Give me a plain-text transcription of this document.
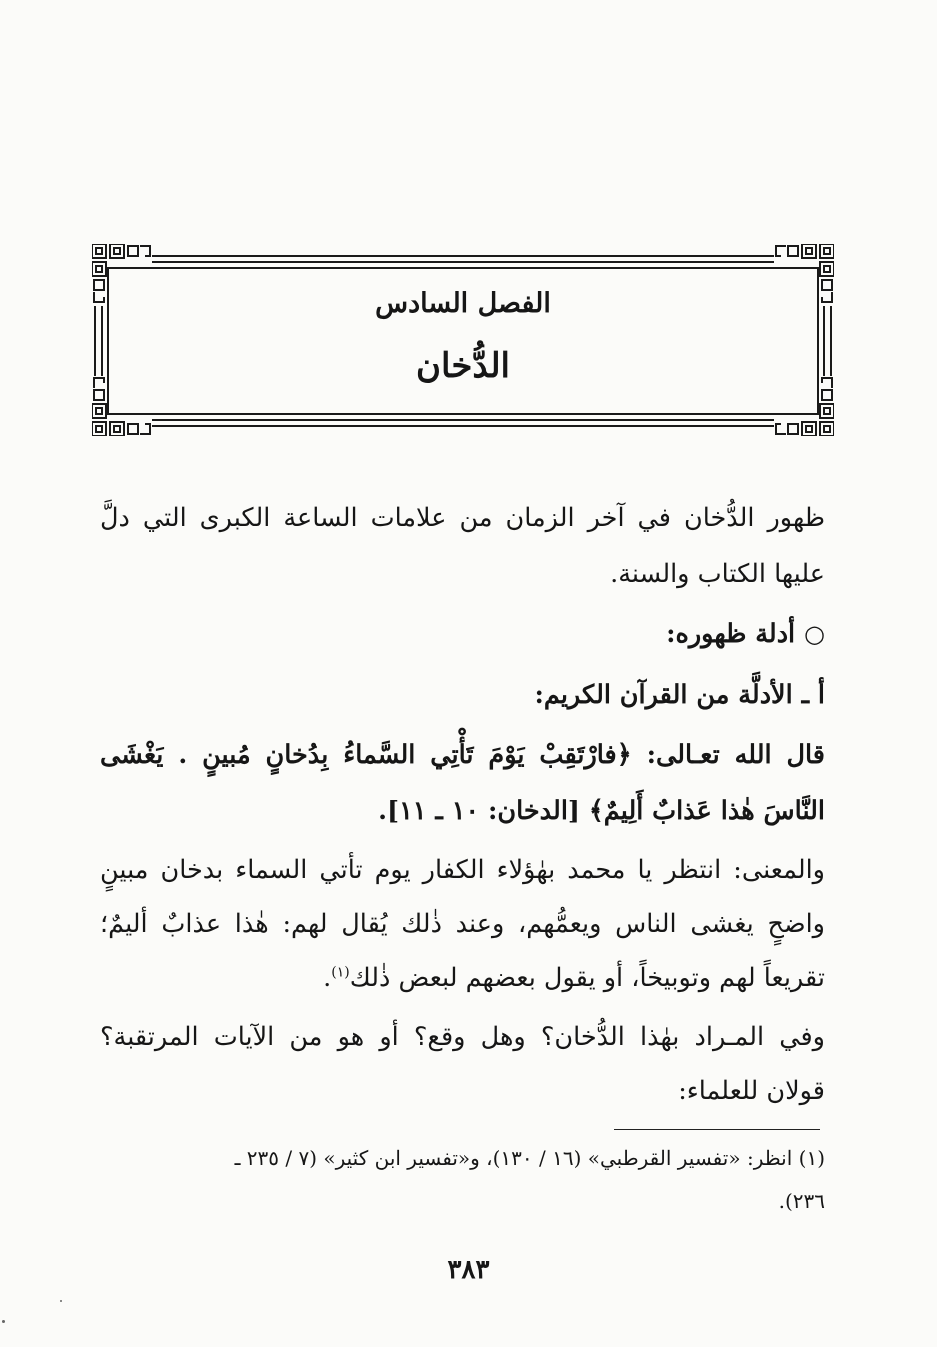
الفصل السادس
الدُّخان
ظهور الدُّخان في آخر الزمان من علامات الساعة الكبرى التي دلَّ
عليها الكتاب والسنة.
○ أدلة ظهوره:
أ ـ الأدلَّة من القرآن الكريم:
قال الله تعـالى: ﴿فارْتَقِبْ يَوْمَ تَأْتِي السَّماءُ بِدُخانٍ مُبينٍ . يَغْشَى
النَّاسَ هٰذا عَذابٌ أَلِيمٌ﴾ [الدخان: ١٠ ـ ١١].
والمعنى: انتظر يا محمد بهٰؤلاء الكفار يوم تأتي السماء بدخان مبينٍ
واضحٍ يغشى الناس ويعمُّهم، وعند ذٰلك يُقال لهم: هٰذا عذابٌ أليمٌ؛
تقريعاً لهم وتوبيخاً، أو يقول بعضهم لبعض ذٰلك$^{(١)}$.
وفي المـراد بهٰذا الدُّخان؟ وهل وقع؟ أو هو من الآيات المرتقبة؟
قولان للعلماء:
(١) انظر: «تفسير القرطبي» (١٦ / ١٣٠)، و«تفسير ابن كثير» (٧ / ٢٣٥ ـ
٢٣٦).
٣٨٣
